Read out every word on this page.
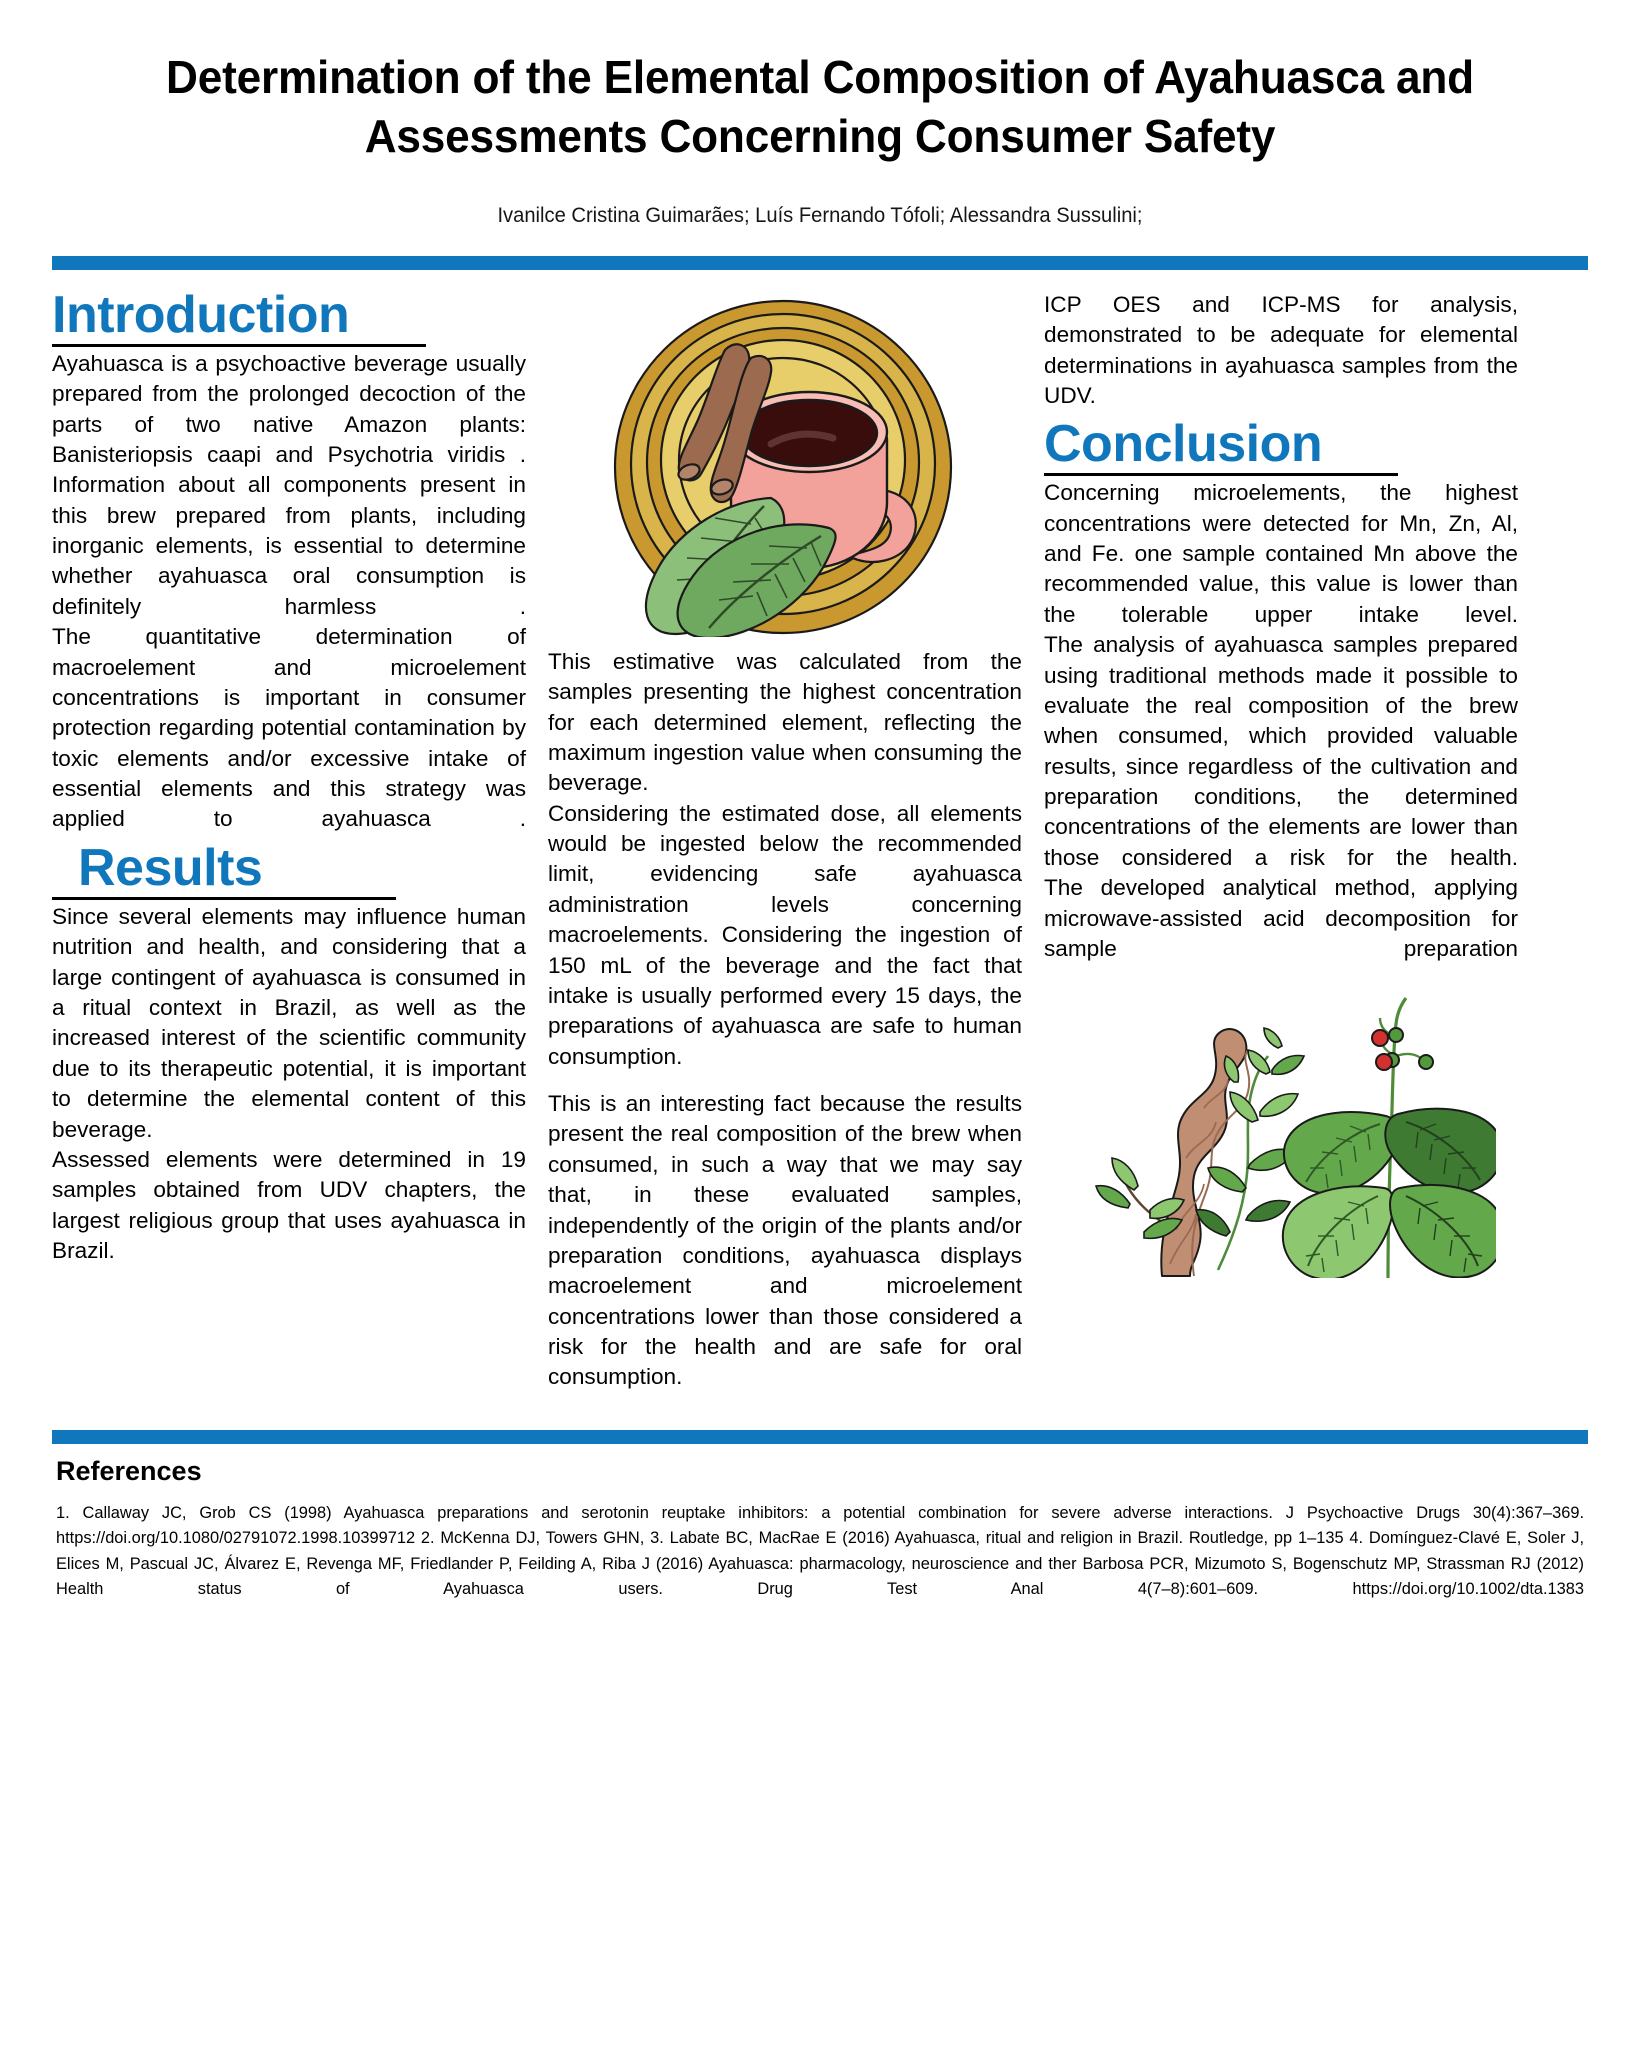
Determination of the Elemental Composition of Ayahuasca and Assessments Concerning Consumer Safety
Ivanilce Cristina Guimarães; Luís Fernando Tófoli; Alessandra Sussulini;
Introduction

Ayahuasca is a psychoactive beverage usually prepared from the prolonged decoction of the parts of two native Amazon plants: Banisteriopsis caapi and Psychotria viridis .

Information about all components present in this brew prepared from plants, including inorganic elements, is essential to determine whether ayahuasca oral consumption is definitely harmless .

The quantitative determination of macroelement and microelement concentrations is important in consumer protection regarding potential contamination by toxic elements and/or excessive intake of essential elements and this strategy was applied to ayahuasca .

Results

Since several elements may influence human nutrition and health, and considering that a large contingent of ayahuasca is consumed in a ritual context in Brazil, as well as the increased interest of the scientific community due to its therapeutic potential, it is important to determine the elemental content of this beverage.

Assessed elements were determined in 19 samples obtained from UDV chapters, the largest religious group that uses ayahuasca in Brazil.

This estimative was calculated from the samples presenting the highest concentration for each determined element, reflecting the maximum ingestion value when consuming the beverage.

Considering the estimated dose, all elements would be ingested below the recommended limit, evidencing safe ayahuasca administration levels concerning macroelements. Considering the ingestion of 150 mL of the beverage and the fact that intake is usually performed every 15 days, the preparations of ayahuasca are safe to human consumption.

This is an interesting fact because the results present the real composition of the brew when consumed, in such a way that we may say that, in these evaluated samples, independently of the origin of the plants and/or preparation conditions, ayahuasca displays macroelement and microelement concentrations lower than those considered a risk for the health and are safe for oral consumption.

ICP OES and ICP-MS for analysis, demonstrated to be adequate for elemental determinations in ayahuasca samples from the UDV.

Conclusion

Concerning microelements, the highest concentrations were detected for Mn, Zn, Al, and Fe. one sample contained Mn above the recommended value, this value is lower than the tolerable upper intake level.

The analysis of ayahuasca samples prepared using traditional methods made it possible to evaluate the real composition of the brew when consumed, which provided valuable results, since regardless of the cultivation and preparation conditions, the determined concentrations of the elements are lower than those considered a risk for the health.

The developed analytical method, applying microwave-assisted acid decomposition for sample preparation

References
1. Callaway JC, Grob CS (1998) Ayahuasca preparations and serotonin reuptake inhibitors: a potential combination for severe adverse interactions. J Psychoactive Drugs 30(4):367–369. https://doi.org/10.1080/02791072.1998.10399712 2. McKenna DJ, Towers GHN, 3. Labate BC, MacRae E (2016) Ayahuasca, ritual and religion in Brazil. Routledge, pp 1–135 4. Domínguez-Clavé E, Soler J, Elices M, Pascual JC, Álvarez E, Revenga MF, Friedlander P, Feilding A, Riba J (2016) Ayahuasca: pharmacology, neuroscience and ther Barbosa PCR, Mizumoto S, Bogenschutz MP, Strassman RJ (2012) Health status of Ayahuasca users. Drug Test Anal 4(7–8):601–609. https://doi.org/10.1002/dta.1383
